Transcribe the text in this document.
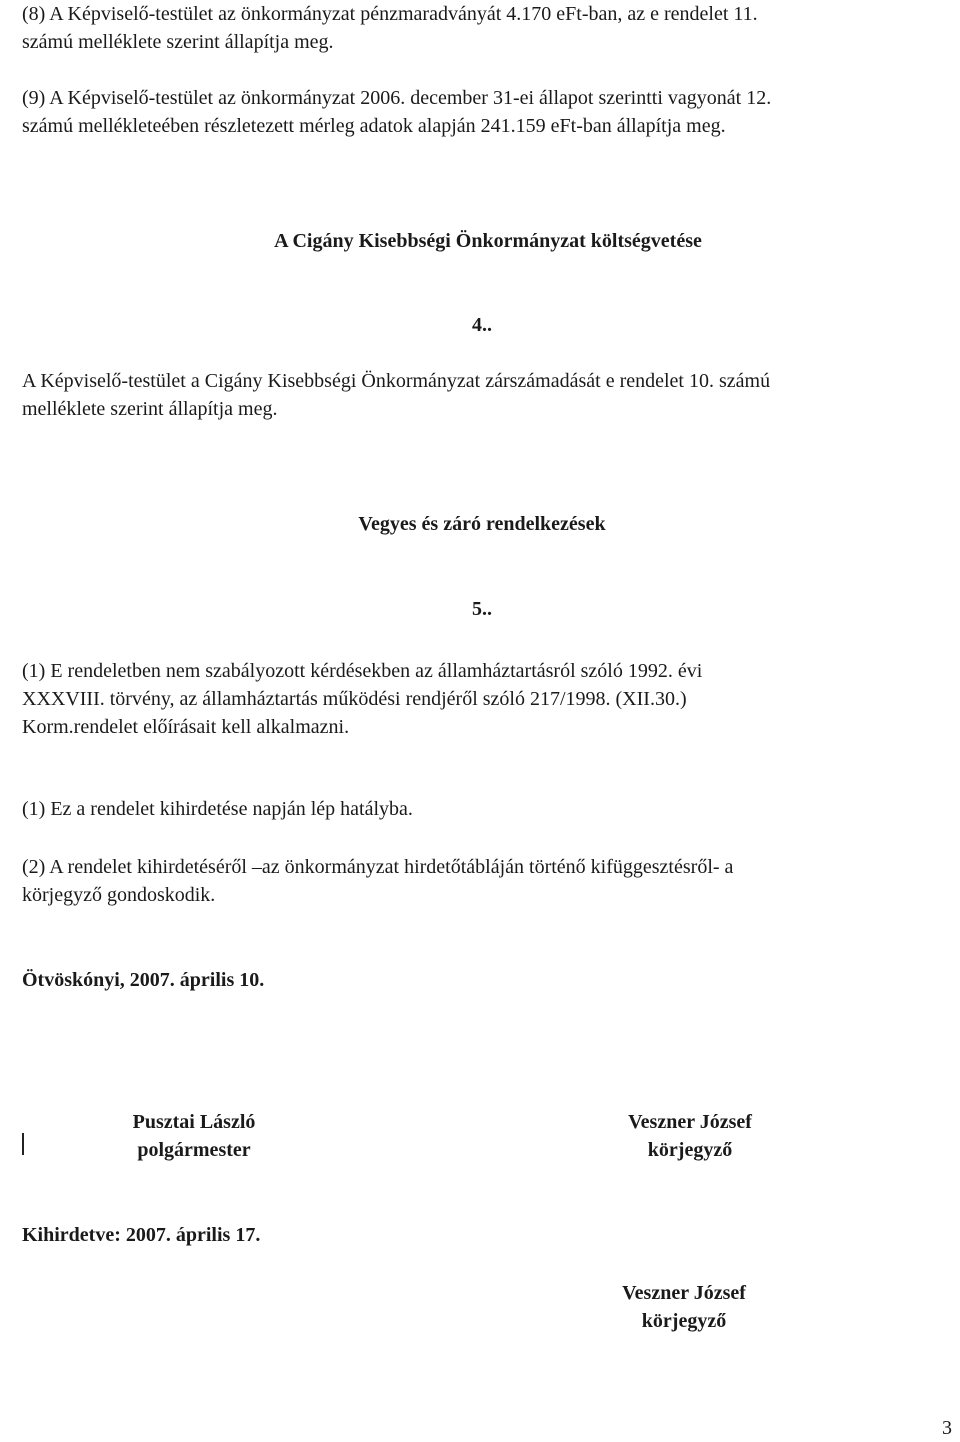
(8) A Képviselő-testület az önkormányzat pénzmaradványát 4.170 eFt-ban, az e rendelet 11.
számú melléklete szerint állapítja meg.
(9) A Képviselő-testület az önkormányzat 2006. december 31-ei állapot szerintti vagyonát 12.
számú mellékleteében részletezett mérleg adatok alapján 241.159 eFt-ban állapítja meg.
A Cigány Kisebbségi Önkormányzat költségvetése
4..
A Képviselő-testület a Cigány Kisebbségi Önkormányzat zárszámadását e rendelet 10. számú
melléklete szerint állapítja meg.
Vegyes és záró rendelkezések
5..
(1) E rendeletben nem szabályozott kérdésekben az államháztartásról szóló 1992. évi
XXXVIII. törvény, az államháztartás működési rendjéről szóló 217/1998. (XII.30.)
Korm.rendelet előírásait kell alkalmazni.
(1) Ez a rendelet kihirdetése napján lép hatályba.
(2) A rendelet kihirdetéséről –az önkormányzat hirdetőtábláján történő kifüggesztésről- a
körjegyző gondoskodik.
Ötvöskónyi, 2007. április 10.
Pusztai László
polgármester
Veszner József
körjegyző
Kihirdetve: 2007. április 17.
Veszner József
körjegyző
3
